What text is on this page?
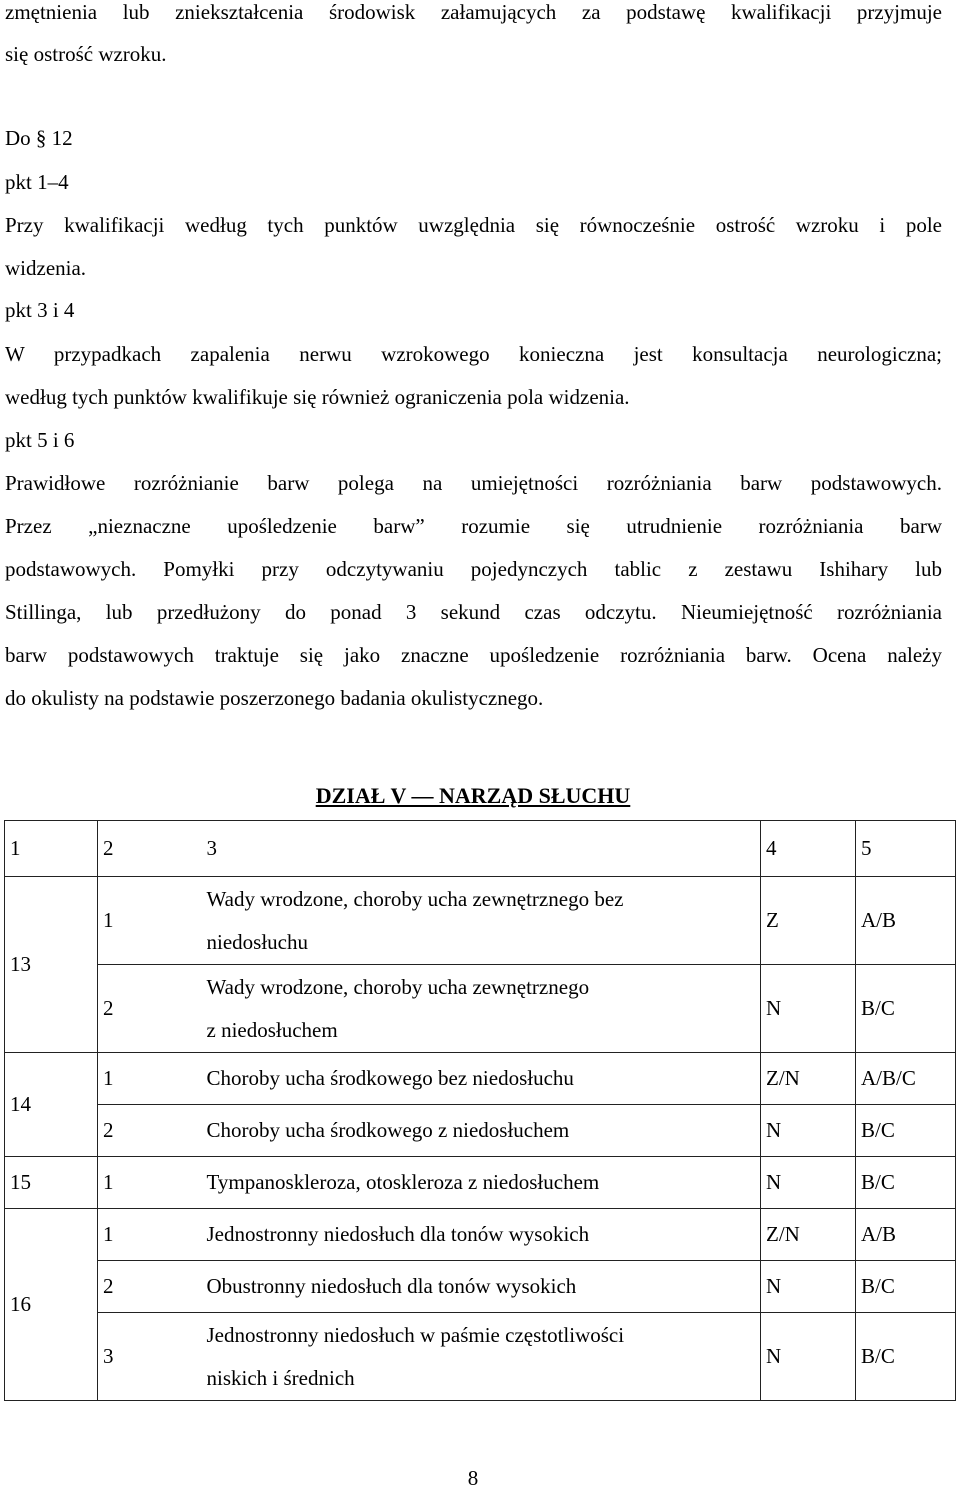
zmętnienia lub zniekształcenia środowisk załamujących za podstawę kwalifikacji przyjmuje
się ostrość wzroku.
Do § 12
pkt 1–4
Przy kwalifikacji według tych punktów uwzględnia się równocześnie ostrość wzroku i pole
widzenia.
pkt 3 i 4
W przypadkach zapalenia nerwu wzrokowego konieczna jest konsultacja neurologiczna;
według tych punktów kwalifikuje się również ograniczenia pola widzenia.
pkt 5 i 6
Prawidłowe rozróżnianie barw polega na umiejętności rozróżniania barw podstawowych.
Przez „nieznaczne upośledzenie barw” rozumie się utrudnienie rozróżniania barw
podstawowych. Pomyłki przy odczytywaniu pojedynczych tablic z zestawu Ishihary lub
Stillinga, lub przedłużony do ponad 3 sekund czas odczytu. Nieumiejętność rozróżniania
barw podstawowych traktuje się jako znaczne upośledzenie rozróżniania barw. Ocena należy
do okulisty na podstawie poszerzonego badania okulistycznego.
DZIAŁ V — NARZĄD SŁUCHU
1	2	3	4	5
13	1	Wady wrodzone, choroby ucha zewnętrznego bez
niedosłuchu	Z	A/B
	2	Wady wrodzone, choroby ucha zewnętrznego
z niedosłuchem	N	B/C
14	1	Choroby ucha środkowego bez niedosłuchu	Z/N	A/B/C
	2	Choroby ucha środkowego z niedosłuchem	N	B/C
15	1	Tympanoskleroza, otoskleroza z niedosłuchem	N	B/C
16	1	Jednostronny niedosłuch dla tonów wysokich	Z/N	A/B
	2	Obustronny niedosłuch dla tonów wysokich	N	B/C
	3	Jednostronny niedosłuch w paśmie częstotliwości
niskich i średnich	N	B/C
8
